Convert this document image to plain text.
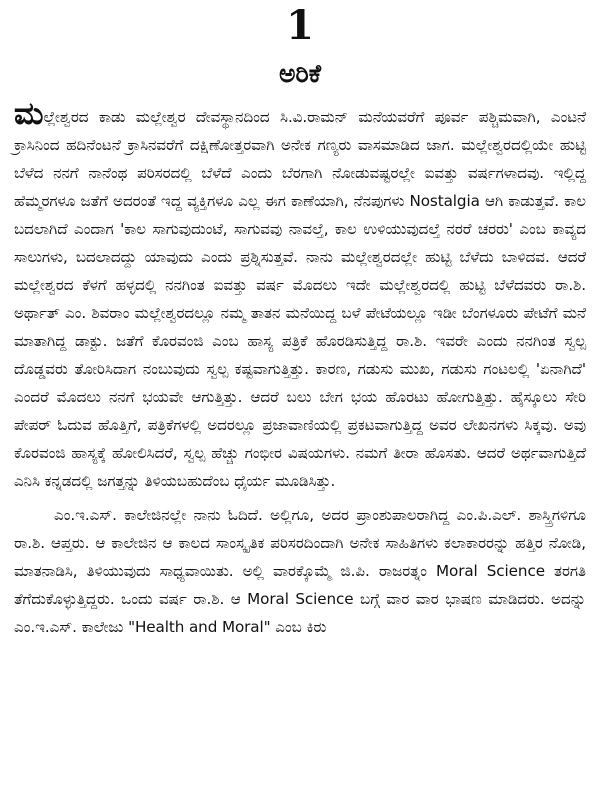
1
ಅರಿಕೆ

ಮಲ್ಲೇಶ್ವರದ ಕಾಡು ಮಲ್ಲೇಶ್ವರ ದೇವಸ್ಥಾನದಿಂದ ಸಿ.ವಿ.ರಾಮನ್ ಮನೆಯವರೆಗೆ ಪೂರ್ವ ಪಶ್ಚಿಮವಾಗಿ, ಎಂಟನೆ ಕ್ರಾಸಿನಿಂದ ಹದಿನೆಂಟನೆ ಕ್ರಾಸಿನವರೆಗೆ ದಕ್ಷಿಣೋತ್ತರವಾಗಿ ಅನೇಕ ಗಣ್ಯರು ವಾಸಮಾಡಿದ ಜಾಗ. ಮಲ್ಲೇಶ್ವರದಲ್ಲಿಯೇ ಹುಟ್ಟಿ ಬೆಳೆದ ನನಗೆ ನಾನೆಂಥ ಪರಿಸರದಲ್ಲಿ ಬೆಳೆದೆ ಎಂದು ಬೆರಗಾಗಿ ನೋಡುವಷ್ಟರಲ್ಲೇ ಐವತ್ತು ವರ್ಷಗಳಾದವು. ಇಲ್ಲಿದ್ದ ಹೆಮ್ಮರಗಳೂ ಜತೆಗೆ ಅದರಂತೆ ಇದ್ದ ವ್ಯಕ್ತಿಗಳೂ ಎಲ್ಲ ಈಗ ಕಾಣೆಯಾಗಿ, ನೆನಪುಗಳು Nostalgia ಆಗಿ ಕಾಡುತ್ತವೆ. ಕಾಲ ಬದಲಾಗಿದೆ ಎಂದಾಗ 'ಕಾಲ ಸಾಗುವುದುಂಟೆ, ಸಾಗುವವು ನಾವಲ್ತೆ, ಕಾಲ ಉಳಿಯುವುದಲ್ತೆ ನರರೆ ಚರರು' ಎಂಬ ಕಾವ್ಯದ ಸಾಲುಗಳು, ಬದಲಾದದ್ದು ಯಾವುದು ಎಂದು ಪ್ರಶ್ನಿಸುತ್ತವೆ. ನಾನು ಮಲ್ಲೇಶ್ವರದಲ್ಲೇ ಹುಟ್ಟಿ ಬೆಳೆದು ಬಾಳಿದವ. ಆದರೆ ಮಲ್ಲೇಶ್ವರದ ಕೆಳಗೆ ಹಳ್ಳದಲ್ಲಿ ನನಗಿಂತ ಐವತ್ತು ವರ್ಷ ಮೊದಲು ಇದೇ ಮಲ್ಲೇಶ್ವರದಲ್ಲಿ ಹುಟ್ಟಿ ಬೆಳೆದವರು ರಾ.ಶಿ. ಅರ್ಥಾತ್ ಎಂ. ಶಿವರಾಂ ಮಲ್ಲೇಶ್ವರದಲ್ಲೂ ನಮ್ಮ ತಾತನ ಮನೆಯಿದ್ದ ಬಳೆ ಪೇಟೆಯಲ್ಲೂ ಇಡೀ ಬೆಂಗಳೂರು ಪೇಟೆಗೆ ಮನೆ ಮಾತಾಗಿದ್ದ ಡಾಕ್ಟು. ಜತೆಗೆ ಕೊರವಂಜಿ ಎಂಬ ಹಾಸ್ಯ ಪತ್ರಿಕೆ ಹೊರಡಿಸುತ್ತಿದ್ದ ರಾ.ಶಿ. ಇವರೇ ಎಂದು ನನಗಿಂತ ಸ್ವಲ್ಪ ದೊಡ್ಡವರು ತೋರಿಸಿದಾಗ ನಂಬುವುದು ಸ್ವಲ್ಪ ಕಷ್ಟವಾಗುತ್ತಿತ್ತು. ಕಾರಣ, ಗಡುಸು ಮುಖ, ಗಡುಸು ಗಂಟಲಲ್ಲಿ 'ಏನಾಗಿದೆ' ಎಂದರೆ ಮೊದಲು ನನಗೆ ಭಯವೇ ಆಗುತ್ತಿತ್ತು. ಆದರೆ ಬಲು ಬೇಗ ಭಯ ಹೊರಟು ಹೋಗುತ್ತಿತ್ತು. ಹೈಸ್ಕೂಲು ಸೇರಿ ಪೇಪರ್ ಓದುವ ಹೊತ್ತಿಗೆ, ಪತ್ರಿಕೆಗಳಲ್ಲಿ ಅದರಲ್ಲೂ ಪ್ರಜಾವಾಣಿಯಲ್ಲಿ ಪ್ರಕಟವಾಗುತ್ತಿದ್ದ ಅವರ ಲೇಖನಗಳು ಸಿಕ್ಕವು. ಅವು ಕೊರವಂಜಿ ಹಾಸ್ಯಕ್ಕೆ ಹೋಲಿಸಿದರೆ, ಸ್ವಲ್ಪ ಹೆಚ್ಚು ಗಂಭೀರ ವಿಷಯಗಳು. ನಮಗೆ ತೀರಾ ಹೊಸತು. ಆದರೆ ಅರ್ಥವಾಗುತ್ತಿದೆ ಎನಿಸಿ ಕನ್ನಡದಲ್ಲಿ ಜಗತ್ತನ್ನು ತಿಳಿಯಬಹುದೆಂಬ ಧೈರ್ಯ ಮೂಡಿಸಿತ್ತು.

ಎಂ.ಇ.ಎಸ್. ಕಾಲೇಜಿನಲ್ಲೇ ನಾನು ಓದಿದೆ. ಅಲ್ಲಿಗೂ, ಅದರ ಪ್ರಾಂಶುಪಾಲರಾಗಿದ್ದ ಎಂ.ಪಿ.ಎಲ್. ಶಾಸ್ತ್ರಿಗಳಿಗೂ ರಾ.ಶಿ. ಆಪ್ತರು. ಆ ಕಾಲೇಜಿನ ಆ ಕಾಲದ ಸಾಂಸ್ಕೃತಿಕ ಪರಿಸರದಿಂದಾಗಿ ಅನೇಕ ಸಾಹಿತಿಗಳು ಕಲಾಕಾರರನ್ನು ಹತ್ತಿರ ನೋಡಿ, ಮಾತನಾಡಿಸಿ, ತಿಳಿಯುವುದು ಸಾಧ್ಯವಾಯಿತು. ಅಲ್ಲಿ ವಾರಕ್ಕೊಮ್ಮೆ ಜಿ.ಪಿ. ರಾಜರತ್ನಂ Moral Science ತರಗತಿ ತೆಗೆದುಕೊಳ್ಳುತ್ತಿದ್ದರು. ಒಂದು ವರ್ಷ ರಾ.ಶಿ. ಆ Moral Science ಬಗ್ಗೆ ವಾರ ವಾರ ಭಾಷಣ ಮಾಡಿದರು. ಅದನ್ನು ಎಂ.ಇ.ಎಸ್. ಕಾಲೇಜು "Health and Moral" ಎಂಬ ಕಿರು
